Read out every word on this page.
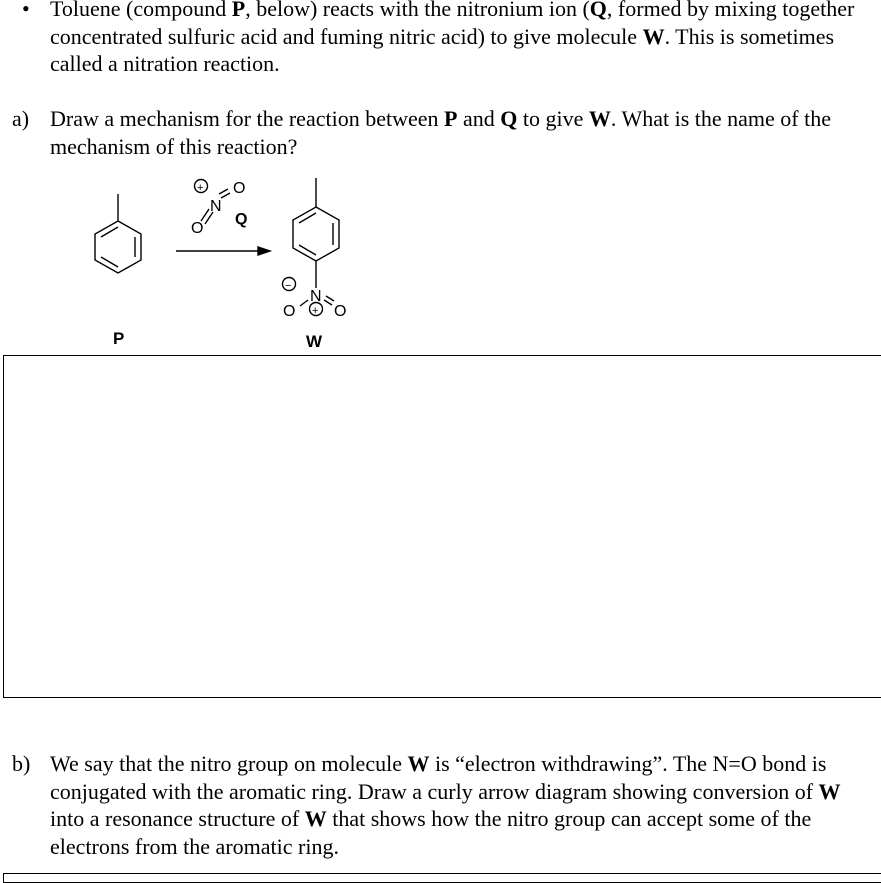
• Toluene (compound P, below) reacts with the nitronium ion (Q, formed by mixing together concentrated sulfuric acid and fuming nitric acid) to give molecule W. This is sometimes called a nitration reaction.
a) Draw a mechanism for the reaction between P and Q to give W. What is the name of the mechanism of this reaction?
O
N
O
+
Q
N
O O
−
+
P	W
b) We say that the nitro group on molecule W is “electron withdrawing”. The N=O bond is conjugated with the aromatic ring. Draw a curly arrow diagram showing conversion of W into a resonance structure of W that shows how the nitro group can accept some of the electrons from the aromatic ring.
